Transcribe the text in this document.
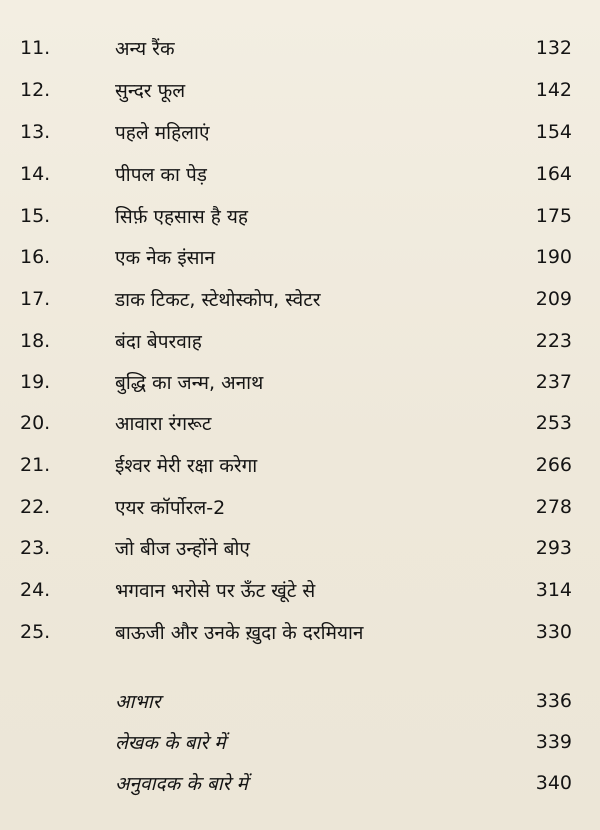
11.	अन्य रैंक	132
12.	सुन्दर फूल	142
13.	पहले महिलाएं	154
14.	पीपल का पेड़	164
15.	सिर्फ़ एहसास है यह	175
16.	एक नेक इंसान	190
17.	डाक टिकट, स्टेथोस्कोप, स्वेटर	209
18.	बंदा बेपरवाह	223
19.	बुद्धि का जन्म, अनाथ	237
20.	आवारा रंगरूट	253
21.	ईश्वर मेरी रक्षा करेगा	266
22.	एयर कॉर्पोरल-2	278
23.	जो बीज उन्होंने बोए	293
24.	भगवान भरोसे पर ऊँट खूंटे से	314
25.	बाऊजी और उनके ख़ुदा के दरमियान	330
आभार	336
लेखक के बारे में	339
अनुवादक के बारे में	340
